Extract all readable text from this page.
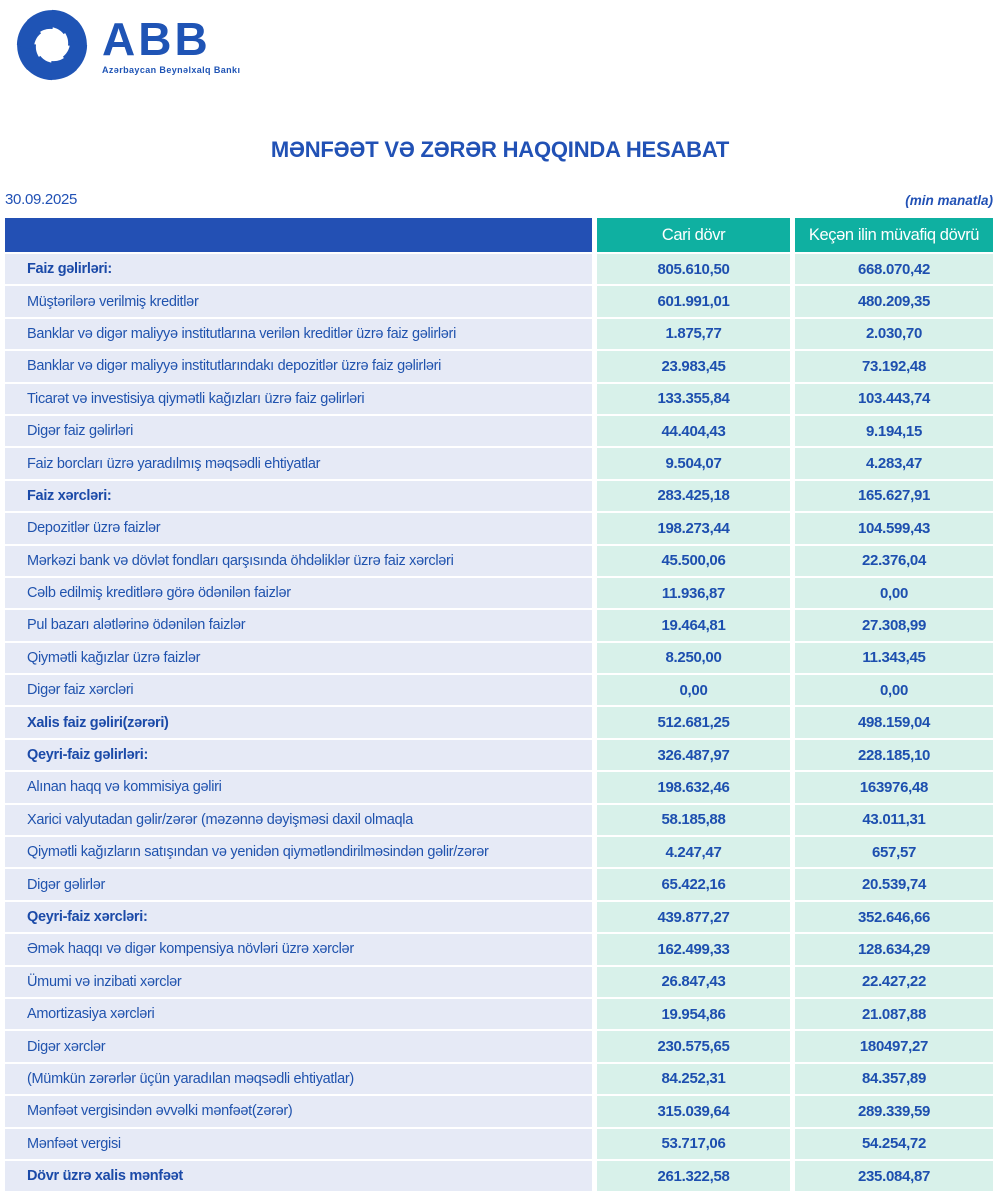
ABB
Azərbaycan Beynəlxalq Bankı
MƏNFƏƏT VƏ ZƏRƏR HAQQINDA HESABAT
30.09.2025	(min manatla)
Cari dövr	Keçən ilin müvafiq dövrü
Faiz gəlirləri:	805.610,50	668.070,42
Müştərilərə verilmiş kreditlər	601.991,01	480.209,35
Banklar və digər maliyyə institutlarına verilən kreditlər üzrə faiz gəlirləri	1.875,77	2.030,70
Banklar və digər maliyyə institutlarındakı depozitlər üzrə faiz gəlirləri	23.983,45	73.192,48
Ticarət və investisiya qiymətli kağızları üzrə faiz gəlirləri	133.355,84	103.443,74
Digər faiz gəlirləri	44.404,43	9.194,15
Faiz borcları üzrə yaradılmış məqsədli ehtiyatlar	9.504,07	4.283,47
Faiz xərcləri:	283.425,18	165.627,91
Depozitlər üzrə faizlər	198.273,44	104.599,43
Mərkəzi bank və dövlət fondları qarşısında öhdəliklər üzrə faiz xərcləri	45.500,06	22.376,04
Cəlb edilmiş kreditlərə görə ödənilən faizlər	11.936,87	0,00
Pul bazarı alətlərinə ödənilən faizlər	19.464,81	27.308,99
Qiymətli kağızlar üzrə faizlər	8.250,00	11.343,45
Digər faiz xərcləri	0,00	0,00
Xalis faiz gəliri(zərəri)	512.681,25	498.159,04
Qeyri-faiz gəlirləri:	326.487,97	228.185,10
Alınan haqq və kommisiya gəliri	198.632,46	163976,48
Xarici valyutadan gəlir/zərər (məzənnə dəyişməsi daxil olmaqla	58.185,88	43.011,31
Qiymətli kağızların satışından və yenidən qiymətləndirilməsindən gəlir/zərər	4.247,47	657,57
Digər gəlirlər	65.422,16	20.539,74
Qeyri-faiz xərcləri:	439.877,27	352.646,66
Əmək haqqı və digər kompensiya növləri üzrə xərclər	162.499,33	128.634,29
Ümumi və inzibati xərclər	26.847,43	22.427,22
Amortizasiya xərcləri	19.954,86	21.087,88
Digər xərclər	230.575,65	180497,27
(Mümkün zərərlər üçün yaradılan məqsədli ehtiyatlar)	84.252,31	84.357,89
Mənfəət vergisindən əvvəlki mənfəət(zərər)	315.039,64	289.339,59
Mənfəət vergisi	53.717,06	54.254,72
Dövr üzrə xalis mənfəət	261.322,58	235.084,87
